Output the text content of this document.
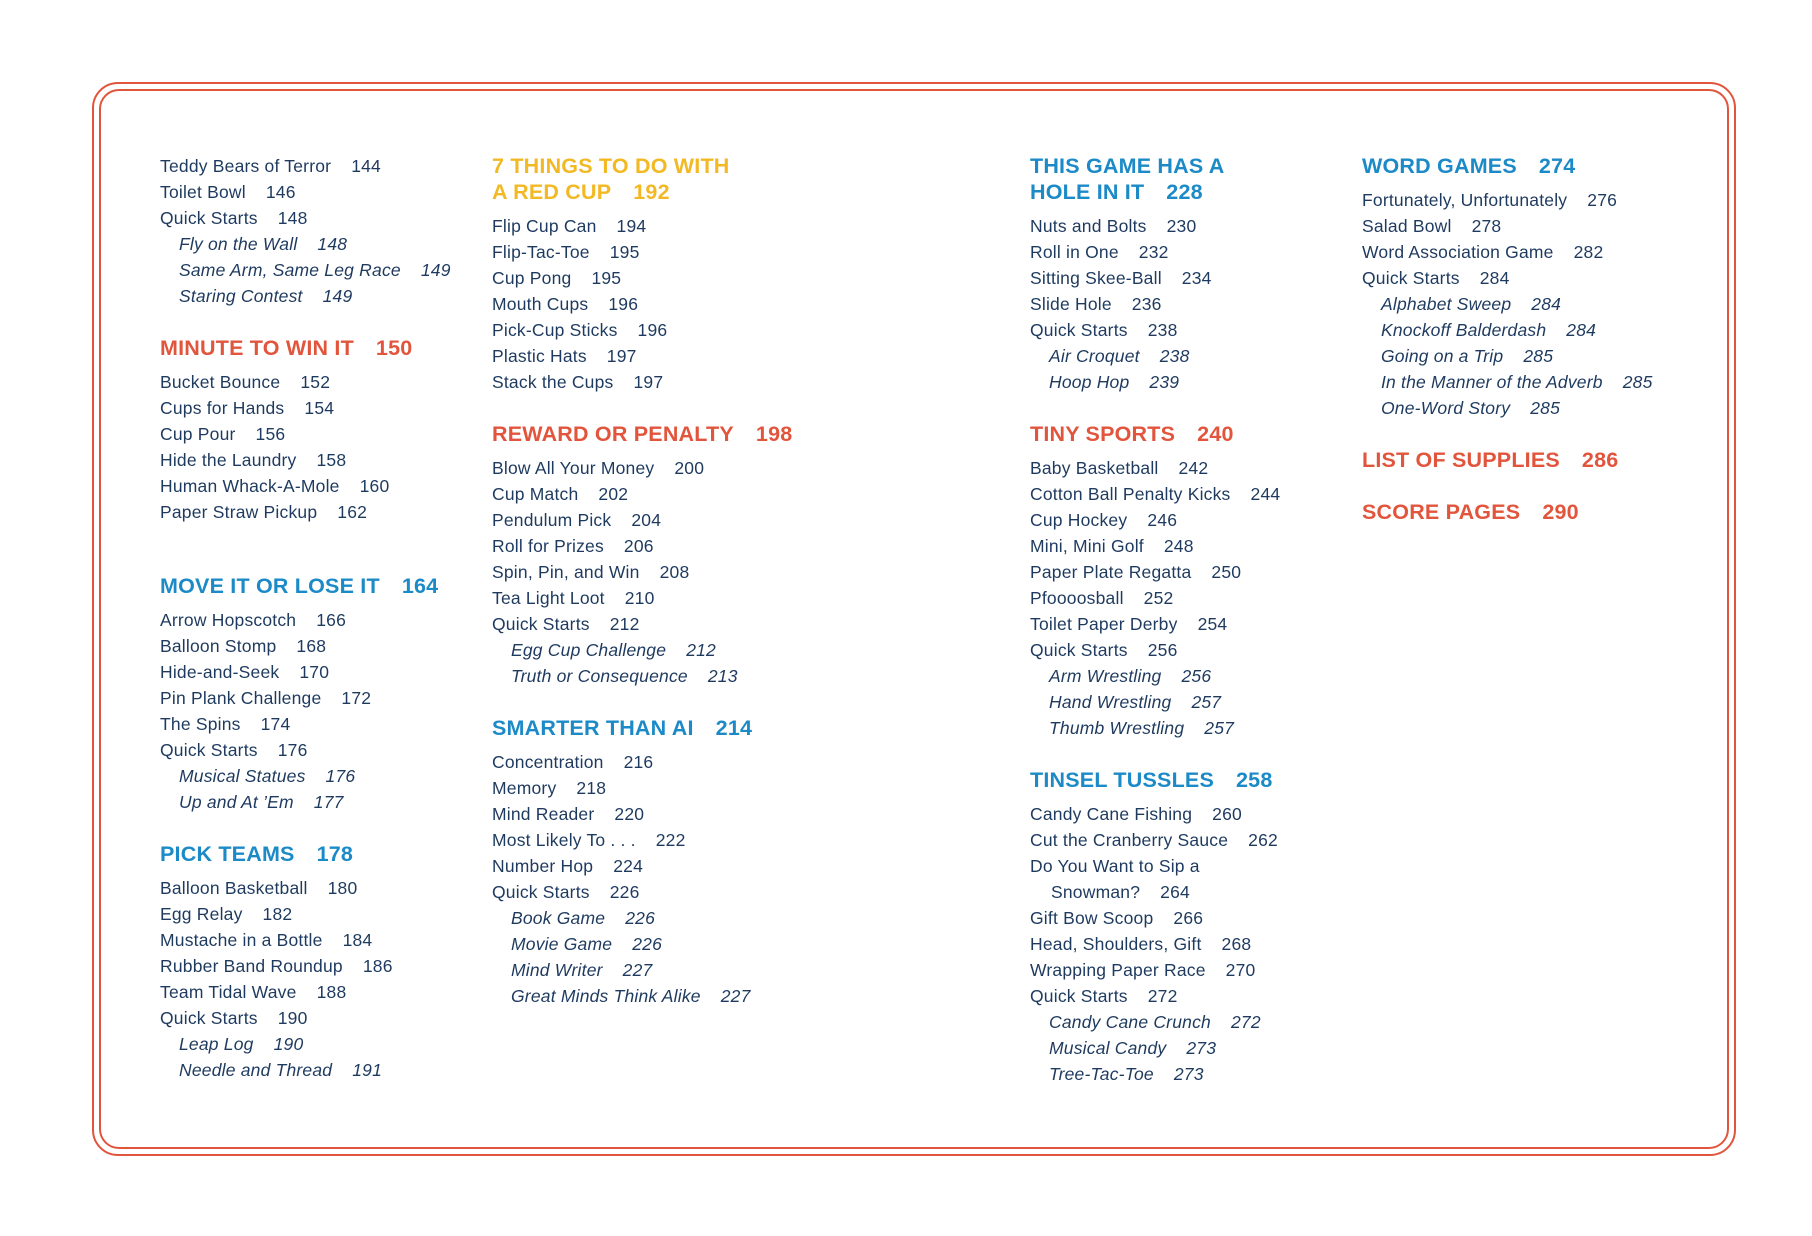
Teddy Bears of Terror 144
Toilet Bowl 146
Quick Starts 148
Fly on the Wall 148
Same Arm, Same Leg Race 149
Staring Contest 149
MINUTE TO WIN IT 150
Bucket Bounce 152
Cups for Hands 154
Cup Pour 156
Hide the Laundry 158
Human Whack-A-Mole 160
Paper Straw Pickup 162
MOVE IT OR LOSE IT 164
Arrow Hopscotch 166
Balloon Stomp 168
Hide-and-Seek 170
Pin Plank Challenge 172
The Spins 174
Quick Starts 176
Musical Statues 176
Up and At ’Em 177
PICK TEAMS 178
Balloon Basketball 180
Egg Relay 182
Mustache in a Bottle 184
Rubber Band Roundup 186
Team Tidal Wave 188
Quick Starts 190
Leap Log 190
Needle and Thread 191
7 THINGS TO DO WITH
A RED CUP 192
Flip Cup Can 194
Flip-Tac-Toe 195
Cup Pong 195
Mouth Cups 196
Pick-Cup Sticks 196
Plastic Hats 197
Stack the Cups 197
REWARD OR PENALTY 198
Blow All Your Money 200
Cup Match 202
Pendulum Pick 204
Roll for Prizes 206
Spin, Pin, and Win 208
Tea Light Loot 210
Quick Starts 212
Egg Cup Challenge 212
Truth or Consequence 213
SMARTER THAN AI 214
Concentration 216
Memory 218
Mind Reader 220
Most Likely To . . . 222
Number Hop 224
Quick Starts 226
Book Game 226
Movie Game 226
Mind Writer 227
Great Minds Think Alike 227
THIS GAME HAS A
HOLE IN IT 228
Nuts and Bolts 230
Roll in One 232
Sitting Skee-Ball 234
Slide Hole 236
Quick Starts 238
Air Croquet 238
Hoop Hop 239
TINY SPORTS 240
Baby Basketball 242
Cotton Ball Penalty Kicks 244
Cup Hockey 246
Mini, Mini Golf 248
Paper Plate Regatta 250
Pfoooosball 252
Toilet Paper Derby 254
Quick Starts 256
Arm Wrestling 256
Hand Wrestling 257
Thumb Wrestling 257
TINSEL TUSSLES 258
Candy Cane Fishing 260
Cut the Cranberry Sauce 262
Do You Want to Sip a
Snowman? 264
Gift Bow Scoop 266
Head, Shoulders, Gift 268
Wrapping Paper Race 270
Quick Starts 272
Candy Cane Crunch 272
Musical Candy 273
Tree-Tac-Toe 273
WORD GAMES 274
Fortunately, Unfortunately 276
Salad Bowl 278
Word Association Game 282
Quick Starts 284
Alphabet Sweep 284
Knockoff Balderdash 284
Going on a Trip 285
In the Manner of the Adverb 285
One-Word Story 285
LIST OF SUPPLIES 286
SCORE PAGES 290
